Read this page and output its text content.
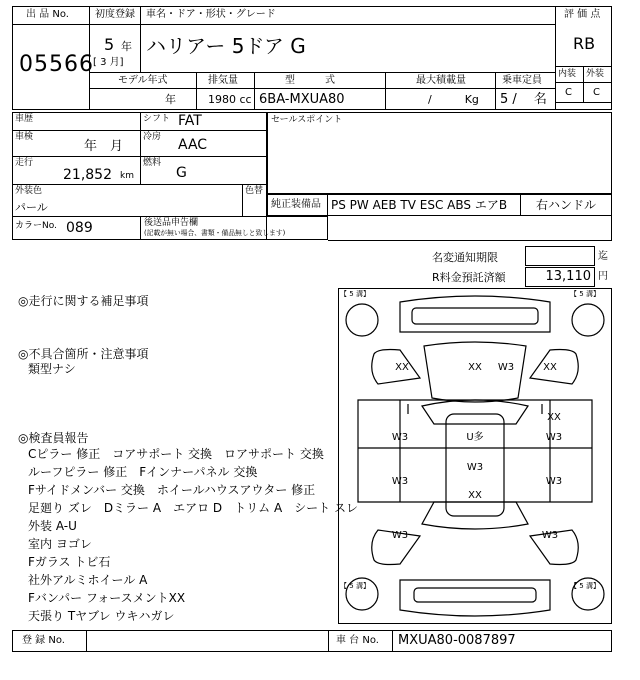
出 品 No.
05566
初度登録 車名・ドア・形状・グレード
5 年
[ 3 月]
ハリアー 5ドア G
評 価 点
RB
内装 外装
C C
モデル年式	排気量	型　　　式	最大積載量	乗車定員
年	1980 cc 6BA-MXUA80	/　　　Kg 5 /　 名
車歴	シフト FAT
車検
年　月
冷房 AAC
走行
21,852 km
燃料
G
外装色
パール
色替
カラーNo. 089
セールスポイント
純正装備品 PS PW AEB TV ESC ABS エアB 右ハンドル
後送品申告欄
(記載が無い場合、書類・備品無しと致します)
名変通知期限	迄
R料金預託済額	13,110 円
◎走行に関する補足事項
◎不具合箇所・注意事項
類型ナシ
◎検査員報告
Cピラー 修正　コアサポート 交換　ロアサポート 交換
ルーフピラー 修正　Fインナーパネル 交換
Fサイドメンバー 交換　ホイールハウスアウター 修正
足廻り ズレ　Dミラー A　エアロ D　トリム A　シート スレ
外装 A-U
室内 ヨゴレ
Fガラス トビ石
社外アルミホイール A
Fバンパー フォースメントXX
天張り Tヤブレ ウキハガレ
【 5 溝】	【 5 溝】
【 5 溝】	【 5 溝】
XX	XX W3	XX
XX
W3	U多	W3
W3
W3	W3
XX
W3	W3
登 録 No.	車 台 No. MXUA80-0087897
